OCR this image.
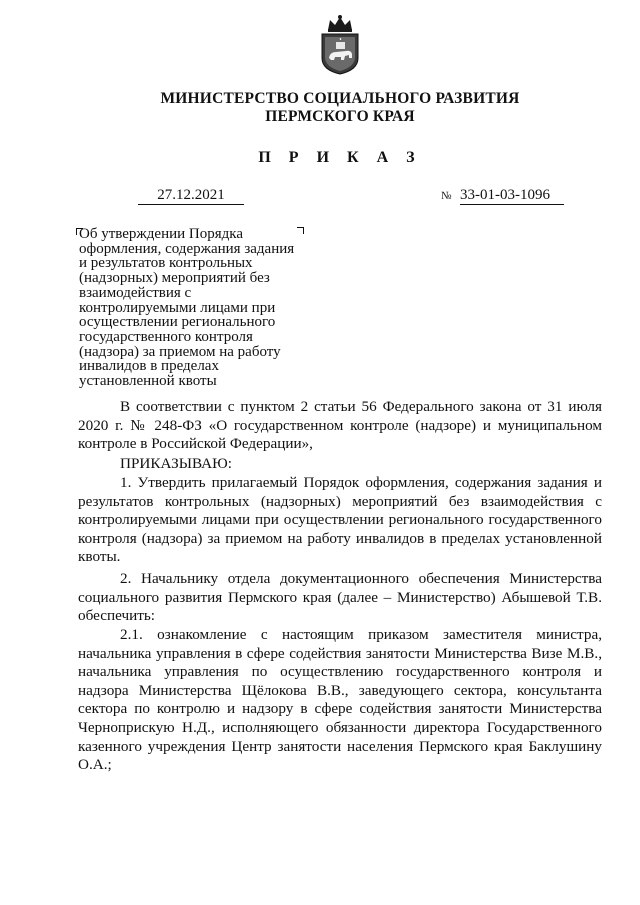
МИНИСТЕРСТВО СОЦИАЛЬНОГО РАЗВИТИЯ
ПЕРМСКОГО КРАЯ
П Р И К А З
27.12.2021	№ 33-01-03-1096
Об утверждении Порядка
оформления, содержания задания
и результатов контрольных
(надзорных) мероприятий без
взаимодействия с
контролируемыми лицами при
осуществлении регионального
государственного контроля
(надзора) за приемом на работу
инвалидов в пределах
установленной квоты
В соответствии с пунктом 2 статьи 56 Федерального закона от 31 июля 2020 г. № 248-ФЗ «О государственном контроле (надзоре) и муниципальном контроле в Российской Федерации»,
ПРИКАЗЫВАЮ:
1. Утвердить прилагаемый Порядок оформления, содержания задания и результатов контрольных (надзорных) мероприятий без взаимодействия с контролируемыми лицами при осуществлении регионального государственного контроля (надзора) за приемом на работу инвалидов в пределах установленной квоты.
2. Начальнику отдела документационного обеспечения Министерства социального развития Пермского края (далее – Министерство) Абышевой Т.В. обеспечить:
2.1. ознакомление с настоящим приказом заместителя министра, начальника управления в сфере содействия занятости Министерства Визе М.В., начальника управления по осуществлению государственного контроля и надзора Министерства Щёлокова В.В., заведующего сектора, консультанта сектора по контролю и надзору в сфере содействия занятости Министерства Черноприскую Н.Д., исполняющего обязанности директора Государственного казенного учреждения Центр занятости населения Пермского края Баклушину О.А.;
